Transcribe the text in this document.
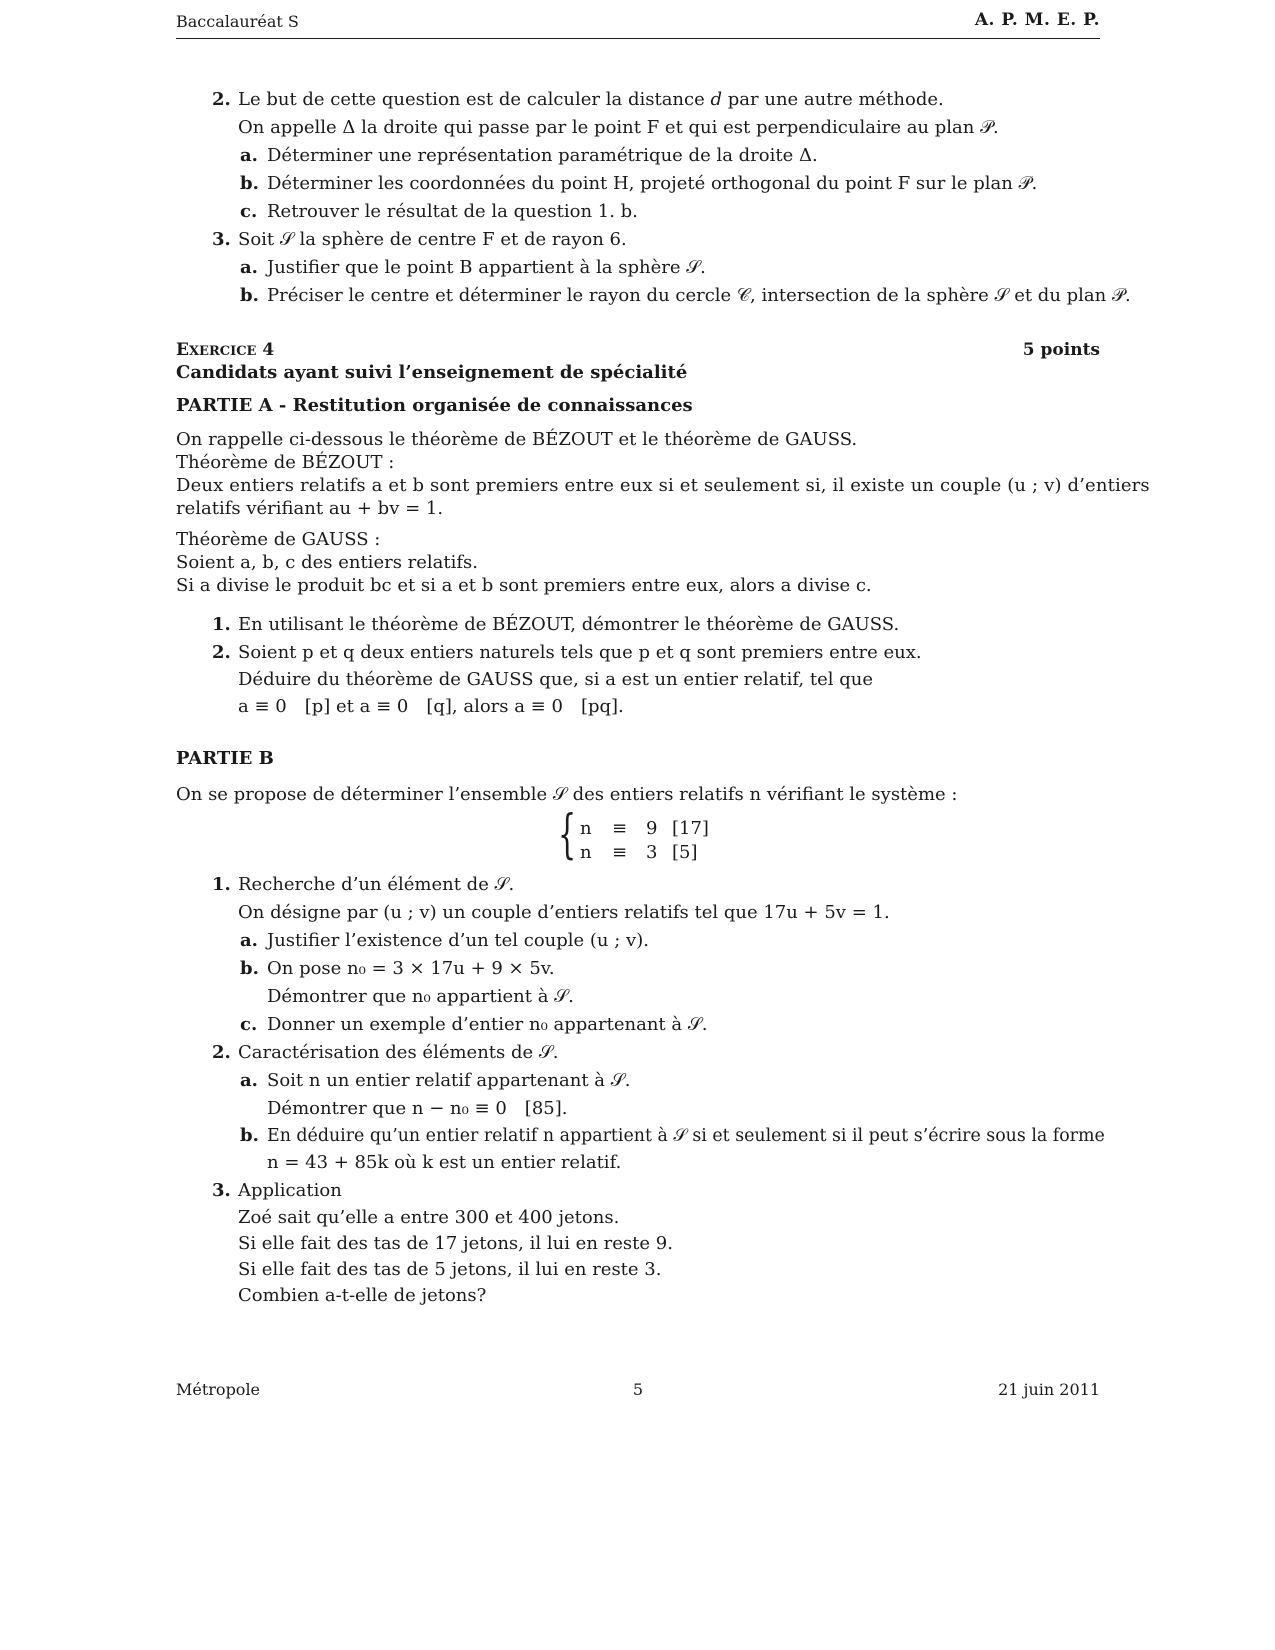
Baccalauréat S	A. P. M. E. P.
2. Le but de cette question est de calculer la distance d par une autre méthode.
On appelle Δ la droite qui passe par le point F et qui est perpendiculaire au plan 𝒫.
a. Déterminer une représentation paramétrique de la droite Δ.
b. Déterminer les coordonnées du point H, projeté orthogonal du point F sur le plan 𝒫.
c. Retrouver le résultat de la question 1. b.
3. Soit 𝒮 la sphère de centre F et de rayon 6.
a. Justifier que le point B appartient à la sphère 𝒮.
b. Préciser le centre et déterminer le rayon du cercle 𝒞, intersection de la sphère 𝒮 et du plan 𝒫.
EXERCICE 4	5 points
Candidats ayant suivi l’enseignement de spécialité
PARTIE A - Restitution organisée de connaissances
On rappelle ci-dessous le théorème de BÉZOUT et le théorème de GAUSS.
Théorème de BÉZOUT :
Deux entiers relatifs a et b sont premiers entre eux si et seulement si, il existe un couple (u ; v) d’entiers
relatifs vérifiant au + bv = 1.
Théorème de GAUSS :
Soient a, b, c des entiers relatifs.
Si a divise le produit bc et si a et b sont premiers entre eux, alors a divise c.
1. En utilisant le théorème de BÉZOUT, démontrer le théorème de GAUSS.
2. Soient p et q deux entiers naturels tels que p et q sont premiers entre eux.
Déduire du théorème de GAUSS que, si a est un entier relatif, tel que
a ≡ 0 [p] et a ≡ 0 [q], alors a ≡ 0 [pq].
PARTIE B
On se propose de déterminer l’ensemble 𝒮 des entiers relatifs n vérifiant le système :
{ n ≡ 9 [17]
n ≡ 3 [5]
1. Recherche d’un élément de 𝒮.
On désigne par (u ; v) un couple d’entiers relatifs tel que 17u + 5v = 1.
a. Justifier l’existence d’un tel couple (u ; v).
b. On pose n₀ = 3 × 17u + 9 × 5v.
Démontrer que n₀ appartient à 𝒮.
c. Donner un exemple d’entier n₀ appartenant à 𝒮.
2. Caractérisation des éléments de 𝒮.
a. Soit n un entier relatif appartenant à 𝒮.
Démontrer que n − n₀ ≡ 0 [85].
b. En déduire qu’un entier relatif n appartient à 𝒮 si et seulement si il peut s’écrire sous la forme
n = 43 + 85k où k est un entier relatif.
3. Application
Zoé sait qu’elle a entre 300 et 400 jetons.
Si elle fait des tas de 17 jetons, il lui en reste 9.
Si elle fait des tas de 5 jetons, il lui en reste 3.
Combien a-t-elle de jetons?
Métropole	5	21 juin 2011
